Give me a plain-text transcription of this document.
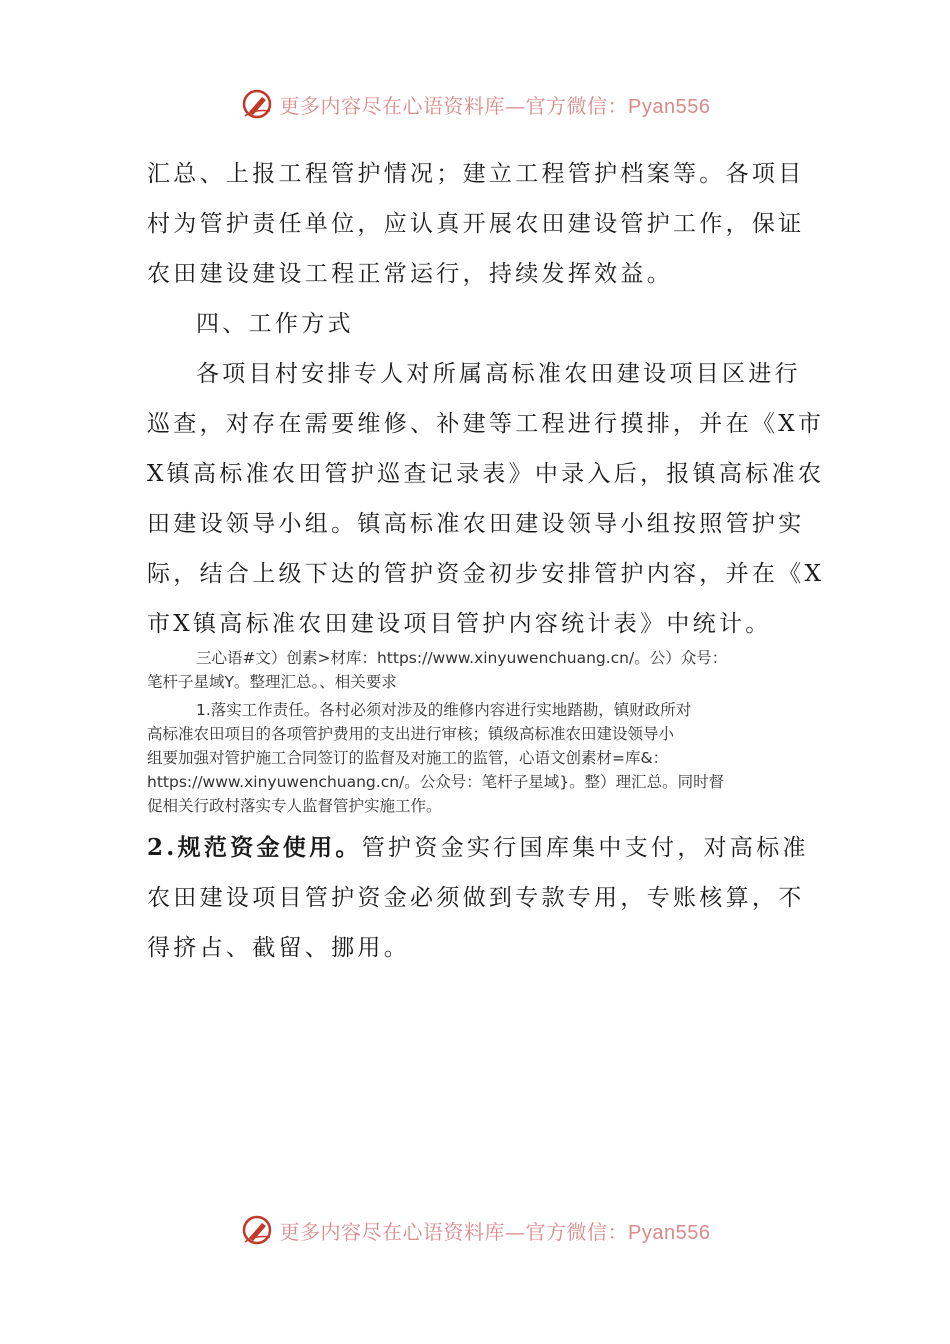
更多内容尽在心语资料库—官方微信：Pyan556
汇总、上报工程管护情况；建立工程管护档案等。各项目
村为管护责任单位，应认真开展农田建设管护工作，保证
农田建设建设工程正常运行，持续发挥效益。
四、工作方式
各项目村安排专人对所属高标准农田建设项目区进行
巡查，对存在需要维修、补建等工程进行摸排，并在《X市
X镇高标准农田管护巡查记录表》中录入后，报镇高标准农
田建设领导小组。镇高标准农田建设领导小组按照管护实
际，结合上级下达的管护资金初步安排管护内容，并在《X
市X镇高标准农田建设项目管护内容统计表》中统计。
三心语#文）创素>材库：https://www.xinyuwenchuang.cn/。公）众号：
笔杆子星域Y。整理汇总。、相关要求
1.落实工作责任。各村必须对涉及的维修内容进行实地踏勘，镇财政所对
高标准农田项目的各项管护费用的支出进行审核；镇级高标准农田建设领导小
组要加强对管护施工合同签订的监督及对施工的监管，心语文创素材=库&：
https://www.xinyuwenchuang.cn/。公众号：笔杆子星域}。整）理汇总。同时督
促相关行政村落实专人监督管护实施工作。
2.规范资金使用。管护资金实行国库集中支付，对高标准
农田建设项目管护资金必须做到专款专用，专账核算，不
得挤占、截留、挪用。
更多内容尽在心语资料库—官方微信：Pyan556
